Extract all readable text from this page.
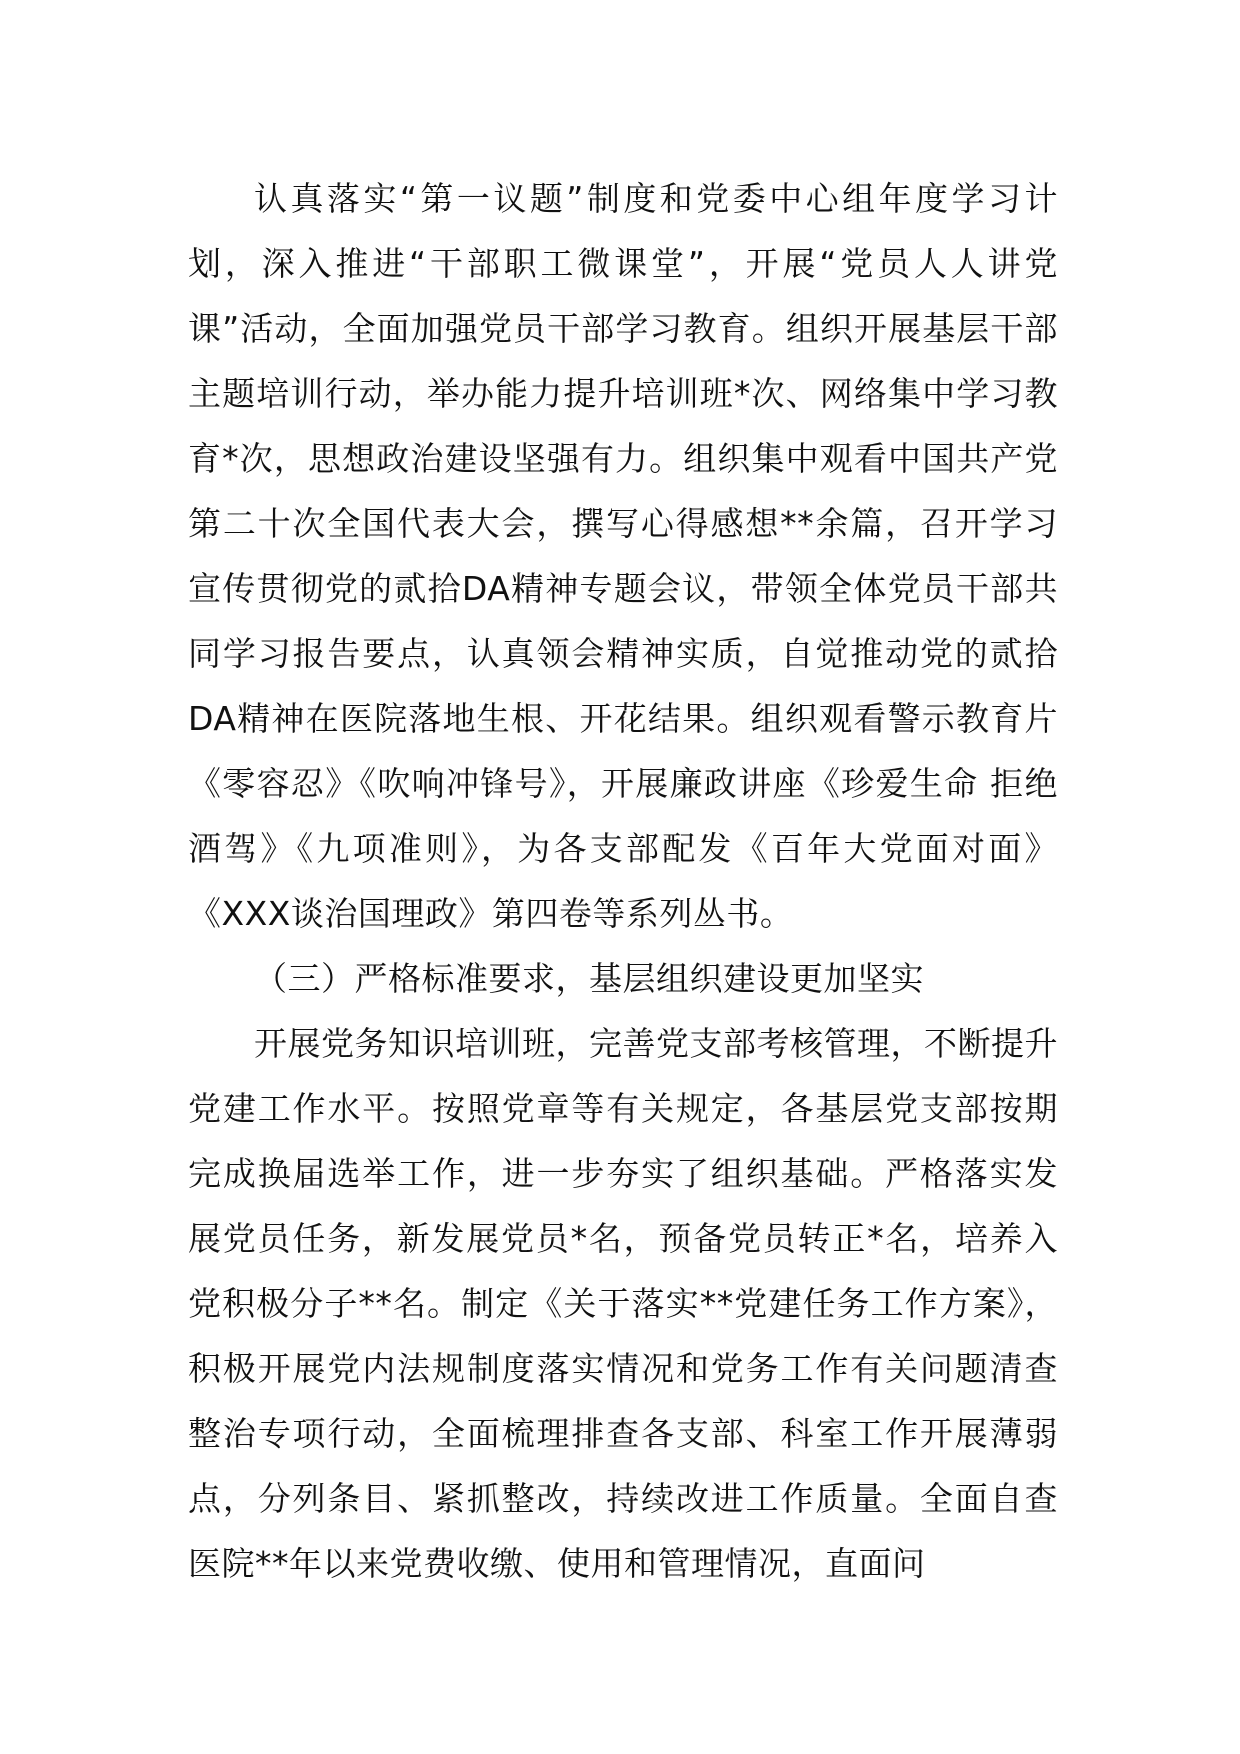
认真落实“第一议题”制度和党委中心组年度学习计划，深入推进“干部职工微课堂”，开展“党员人人讲党课”活动，全面加强党员干部学习教育。组织开展基层干部主题培训行动，举办能力提升培训班*次、网络集中学习教育*次，思想政治建设坚强有力。组织集中观看中国共产党第二十次全国代表大会，撰写心得感想**余篇，召开学习宣传贯彻党的贰拾DA精神专题会议，带领全体党员干部共同学习报告要点，认真领会精神实质，自觉推动党的贰拾DA精神在医院落地生根、开花结果。组织观看警示教育片《零容忍》《吹响冲锋号》，开展廉政讲座《珍爱生命 拒绝酒驾》《九项准则》，为各支部配发《百年大党面对面》《XXX谈治国理政》第四卷等系列丛书。

（三）严格标准要求，基层组织建设更加坚实

开展党务知识培训班，完善党支部考核管理，不断提升党建工作水平。按照党章等有关规定，各基层党支部按期完成换届选举工作，进一步夯实了组织基础。严格落实发展党员任务，新发展党员*名，预备党员转正*名，培养入党积极分子**名。制定《关于落实**党建任务工作方案》，积极开展党内法规制度落实情况和党务工作有关问题清查整治专项行动，全面梳理排查各支部、科室工作开展薄弱点，分列条目、紧抓整改，持续改进工作质量。全面自查医院**年以来党费收缴、使用和管理情况，直面问
